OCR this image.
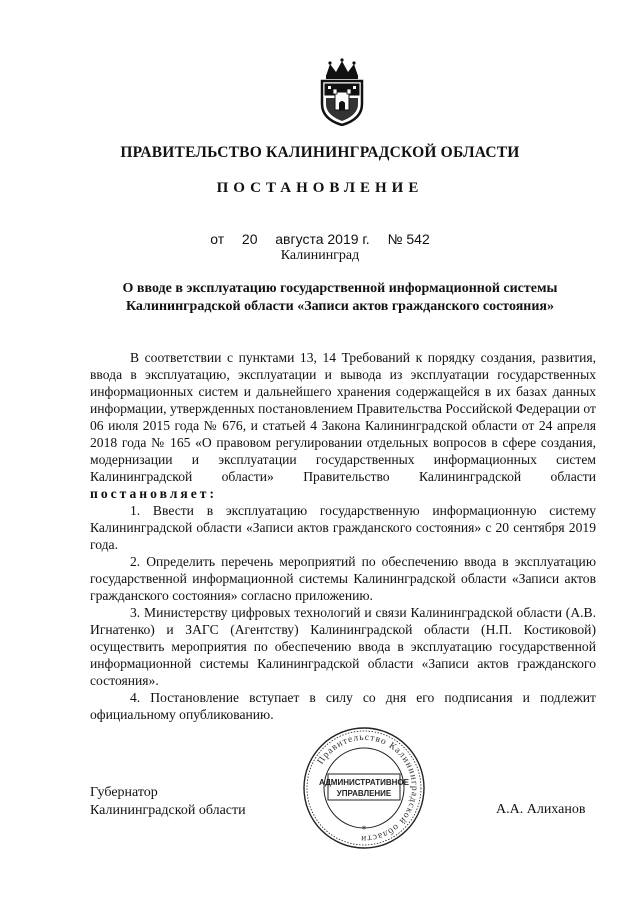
ПРАВИТЕЛЬСТВО КАЛИНИНГРАДСКОЙ ОБЛАСТИ
ПОСТАНОВЛЕНИЕ
от 20 августа 2019 г. № 542
Калининград
О вводе в эксплуатацию государственной информационной системы
Калининградской области «Записи актов гражданского состояния»

В соответствии с пунктами 13, 14 Требований к порядку создания, развития, ввода в эксплуатацию, эксплуатации и вывода из эксплуатации государственных информационных систем и дальнейшего хранения содержащейся в их базах данных информации, утвержденных постановлением Правительства Российской Федерации от 06 июля 2015 года № 676, и статьей 4 Закона Калининградской области от 24 апреля 2018 года № 165 «О правовом регулировании отдельных вопросов в сфере создания, модернизации и эксплуатации государственных информационных систем Калининградской области» Правительство Калининградской области постановляет:

1. Ввести в эксплуатацию государственную информационную систему Калининградской области «Записи актов гражданского состояния» с 20 сентября 2019 года.

2. Определить перечень мероприятий по обеспечению ввода в эксплуатацию государственной информационной системы Калининградской области «Записи актов гражданского состояния» согласно приложению.

3. Министерству цифровых технологий и связи Калининградской области (А.В. Игнатенко) и ЗАГС (Агентству) Калининградской области (Н.П. Костиковой) осуществить мероприятия по обеспечению ввода в эксплуатацию государственной информационной системы Калининградской области «Записи актов гражданского состояния».

4. Постановление вступает в силу со дня его подписания и подлежит официальному опубликованию.

Губернатор
Калининградской области
Правительство Калининградской области
АДМИНИСТРАТИВНОЕ
УПРАВЛЕНИЕ
*
А.А. Алиханов
